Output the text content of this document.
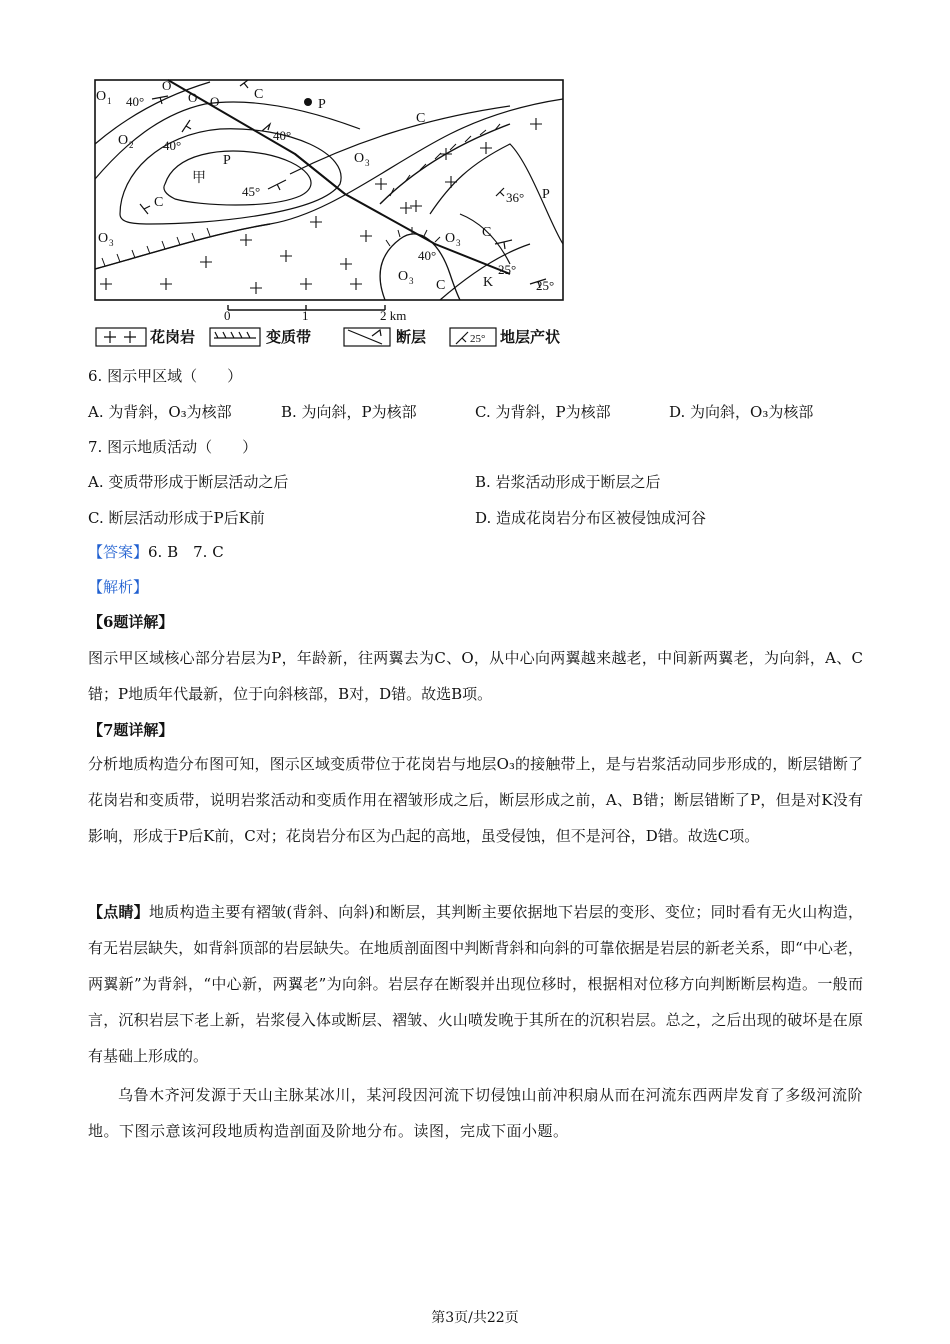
O 1
O 2
O 3
O 3
O 3
O 3
C
C
C
C
C
P
P
P
K
甲
40°
40°
40°
45°	36°
40°
25°
25°
O
O O
0	1	2 km
花岗岩	变质带	断层	地层产状
25°
6. 图示甲区域（　　）
A. 为背斜，O₃为核部	B. 为向斜，P为核部	C. 为背斜，P为核部	D. 为向斜，O₃为核部
7. 图示地质活动（　　）
A. 变质带形成于断层活动之后	B. 岩浆活动形成于断层之后
C. 断层活动形成于P后K前	D. 造成花岗岩分布区被侵蚀成河谷
【答案】6. B　7. C
【解析】
【6题详解】
图示甲区域核心部分岩层为P，年龄新，往两翼去为C、O，从中心向两翼越来越老，中间新两翼老，为向斜，A、C错；P地质年代最新，位于向斜核部，B对，D错。故选B项。
【7题详解】
分析地质构造分布图可知，图示区域变质带位于花岗岩与地层O₃的接触带上，是与岩浆活动同步形成的，断层错断了花岗岩和变质带，说明岩浆活动和变质作用在褶皱形成之后，断层形成之前，A、B错；断层错断了P，但是对K没有影响，形成于P后K前，C对；花岗岩分布区为凸起的高地，虽受侵蚀，但不是河谷，D错。故选C项。
【点睛】地质构造主要有褶皱(背斜、向斜)和断层，其判断主要依据地下岩层的变形、变位；同时看有无火山构造，有无岩层缺失，如背斜顶部的岩层缺失。在地质剖面图中判断背斜和向斜的可靠依据是岩层的新老关系，即“中心老，两翼新”为背斜，“中心新，两翼老”为向斜。岩层存在断裂并出现位移时，根据相对位移方向判断断层构造。一般而言，沉积岩层下老上新，岩浆侵入体或断层、褶皱、火山喷发晚于其所在的沉积岩层。总之，之后出现的破坏是在原有基础上形成的。
乌鲁木齐河发源于天山主脉某冰川，某河段因河流下切侵蚀山前冲积扇从而在河流东西两岸发育了多级河流阶地。下图示意该河段地质构造剖面及阶地分布。读图，完成下面小题。
第3页/共22页
